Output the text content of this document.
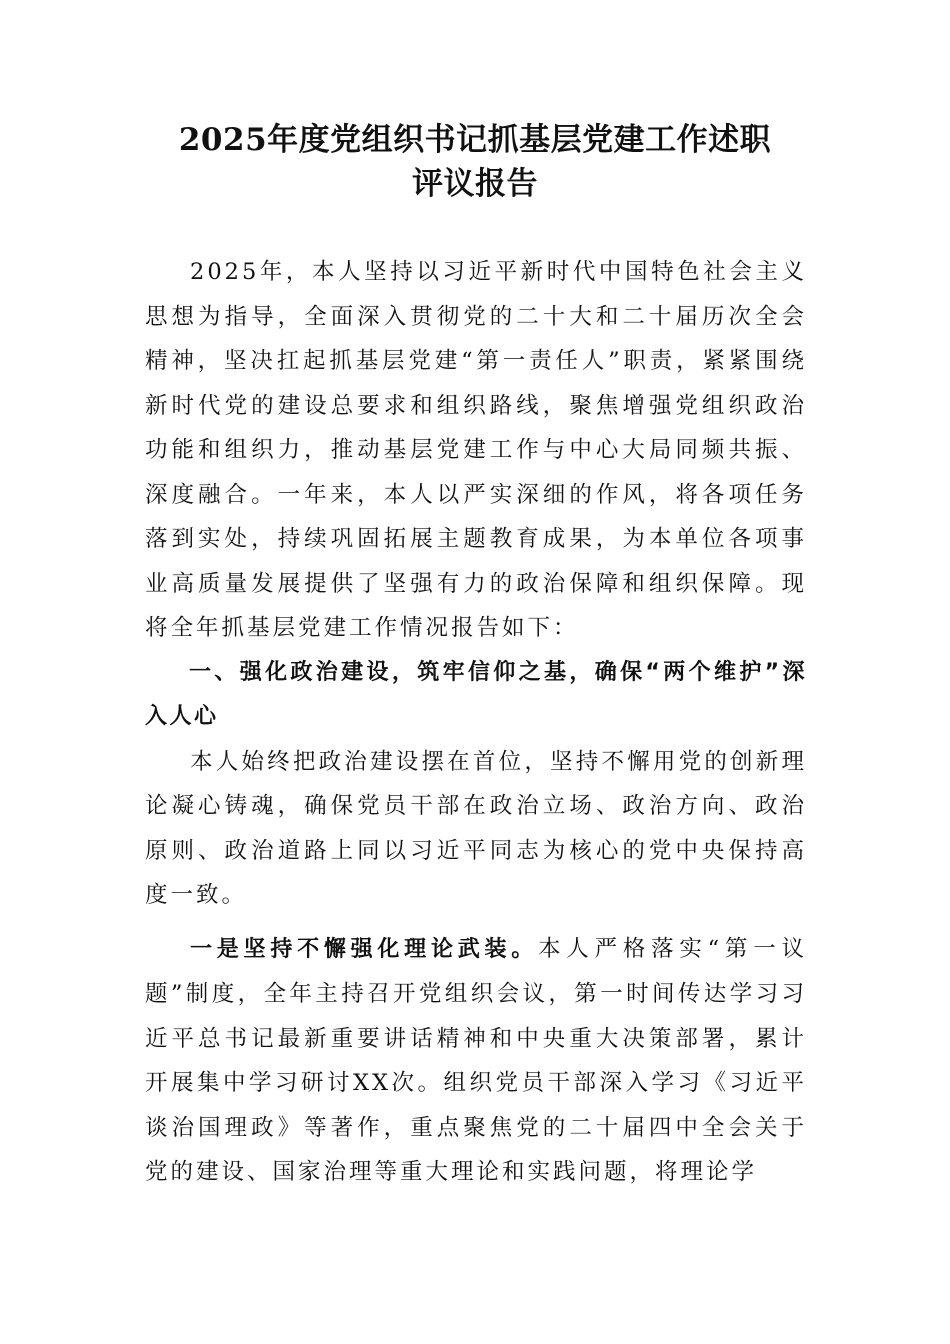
2025年度党组织书记抓基层党建工作述职
评议报告

2025年，本人坚持以习近平新时代中国特色社会主义思想为指导，全面深入贯彻党的二十大和二十届历次全会精神，坚决扛起抓基层党建“第一责任人”职责，紧紧围绕新时代党的建设总要求和组织路线，聚焦增强党组织政治功能和组织力，推动基层党建工作与中心大局同频共振、深度融合。一年来，本人以严实深细的作风，将各项任务落到实处，持续巩固拓展主题教育成果，为本单位各项事业高质量发展提供了坚强有力的政治保障和组织保障。现将全年抓基层党建工作情况报告如下：

一、强化政治建设，筑牢信仰之基，确保“两个维护”深入人心

本人始终把政治建设摆在首位，坚持不懈用党的创新理论凝心铸魂，确保党员干部在政治立场、政治方向、政治原则、政治道路上同以习近平同志为核心的党中央保持高度一致。

一是坚持不懈强化理论武装。本人严格落实“第一议题”制度，全年主持召开党组织会议，第一时间传达学习习近平总书记最新重要讲话精神和中央重大决策部署，累计开展集中学习研讨XX次。组织党员干部深入学习《习近平谈治国理政》等著作，重点聚焦党的二十届四中全会关于党的建设、国家治理等重大理论和实践问题，将理论学
